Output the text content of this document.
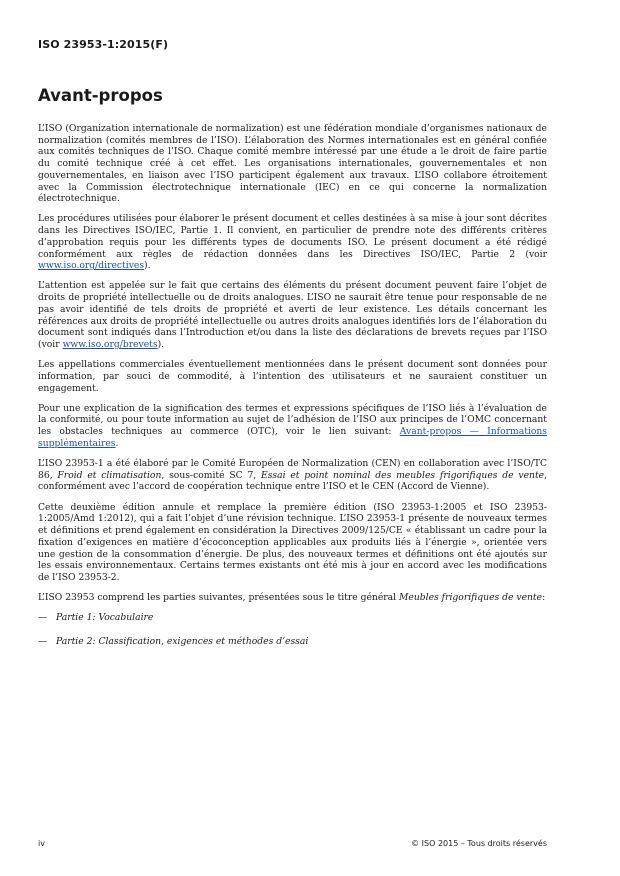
ISO 23953-1:2015(F)
Avant-propos

L’ISO (Organization internationale de normalization) est une fédération mondiale d’organismes nationaux de normalization (comités membres de l’ISO). L’élaboration des Normes internationales est en général confiée aux comités techniques de l’ISO. Chaque comité membre intéressé par une étude a le droit de faire partie du comité technique créé à cet effet. Les organisations internationales, gouvernementales et non gouvernementales, en liaison avec l’ISO participent également aux travaux. L’ISO collabore étroitement avec la Commission électrotechnique internationale (IEC) en ce qui concerne la normalization électrotechnique.

Les procédures utilisées pour élaborer le présent document et celles destinées à sa mise à jour sont décrites dans les Directives ISO/IEC, Partie 1. Il convient, en particulier de prendre note des différents critères d’approbation requis pour les différents types de documents ISO. Le présent document a été rédigé conformément aux règles de rédaction données dans les Directives ISO/IEC, Partie 2 (voir www.iso.org/directives).

L’attention est appelée sur le fait que certains des éléments du présent document peuvent faire l’objet de droits de propriété intellectuelle ou de droits analogues. L’ISO ne saurait être tenue pour responsable de ne pas avoir identifié de tels droits de propriété et averti de leur existence. Les détails concernant les références aux droits de propriété intellectuelle ou autres droits analogues identifiés lors de l’élaboration du document sont indiqués dans l’Introduction et/ou dans la liste des déclarations de brevets reçues par l’ISO (voir www.iso.org/brevets).

Les appellations commerciales éventuellement mentionnées dans le présent document sont données pour information, par souci de commodité, à l’intention des utilisateurs et ne sauraient constituer un engagement.

Pour une explication de la signification des termes et expressions spécifiques de l’ISO liés à l’évaluation de la conformité, ou pour toute information au sujet de l’adhésion de l’ISO aux principes de l’OMC concernant les obstacles techniques au commerce (OTC), voir le lien suivant: Avant-propos — Informations supplémentaires.

L’ISO 23953-1 a été élaboré par le Comité Européen de Normalization (CEN) en collaboration avec l’ISO/TC 86, Froid et climatisation, sous-comité SC 7, Essai et point nominal des meubles frigorifiques de vente, conformément avec l’accord de coopération technique entre l’ISO et le CEN (Accord de Vienne).

Cette deuxième édition annule et remplace la première édition (ISO 23953-1:2005 et ISO 23953-1:2005/Amd 1:2012), qui a fait l’objet d’une révision technique. L’ISO 23953-1 présente de nouveaux termes et définitions et prend également en considération la Directives 2009/125/CE « établissant un cadre pour la fixation d’exigences en matière d’écoconception applicables aux produits liés à l’énergie », orientée vers une gestion de la consommation d’énergie. De plus, des nouveaux termes et définitions ont été ajoutés sur les essais environnementaux. Certains termes existants ont été mis à jour en accord avec les modifications de l’ISO 23953-2.

L’ISO 23953 comprend les parties suivantes, présentées sous le titre général Meubles frigorifiques de vente:

— Partie 1: Vocabulaire

— Partie 2: Classification, exigences et méthodes d’essai

iv	© ISO 2015 – Tous droits réservés
